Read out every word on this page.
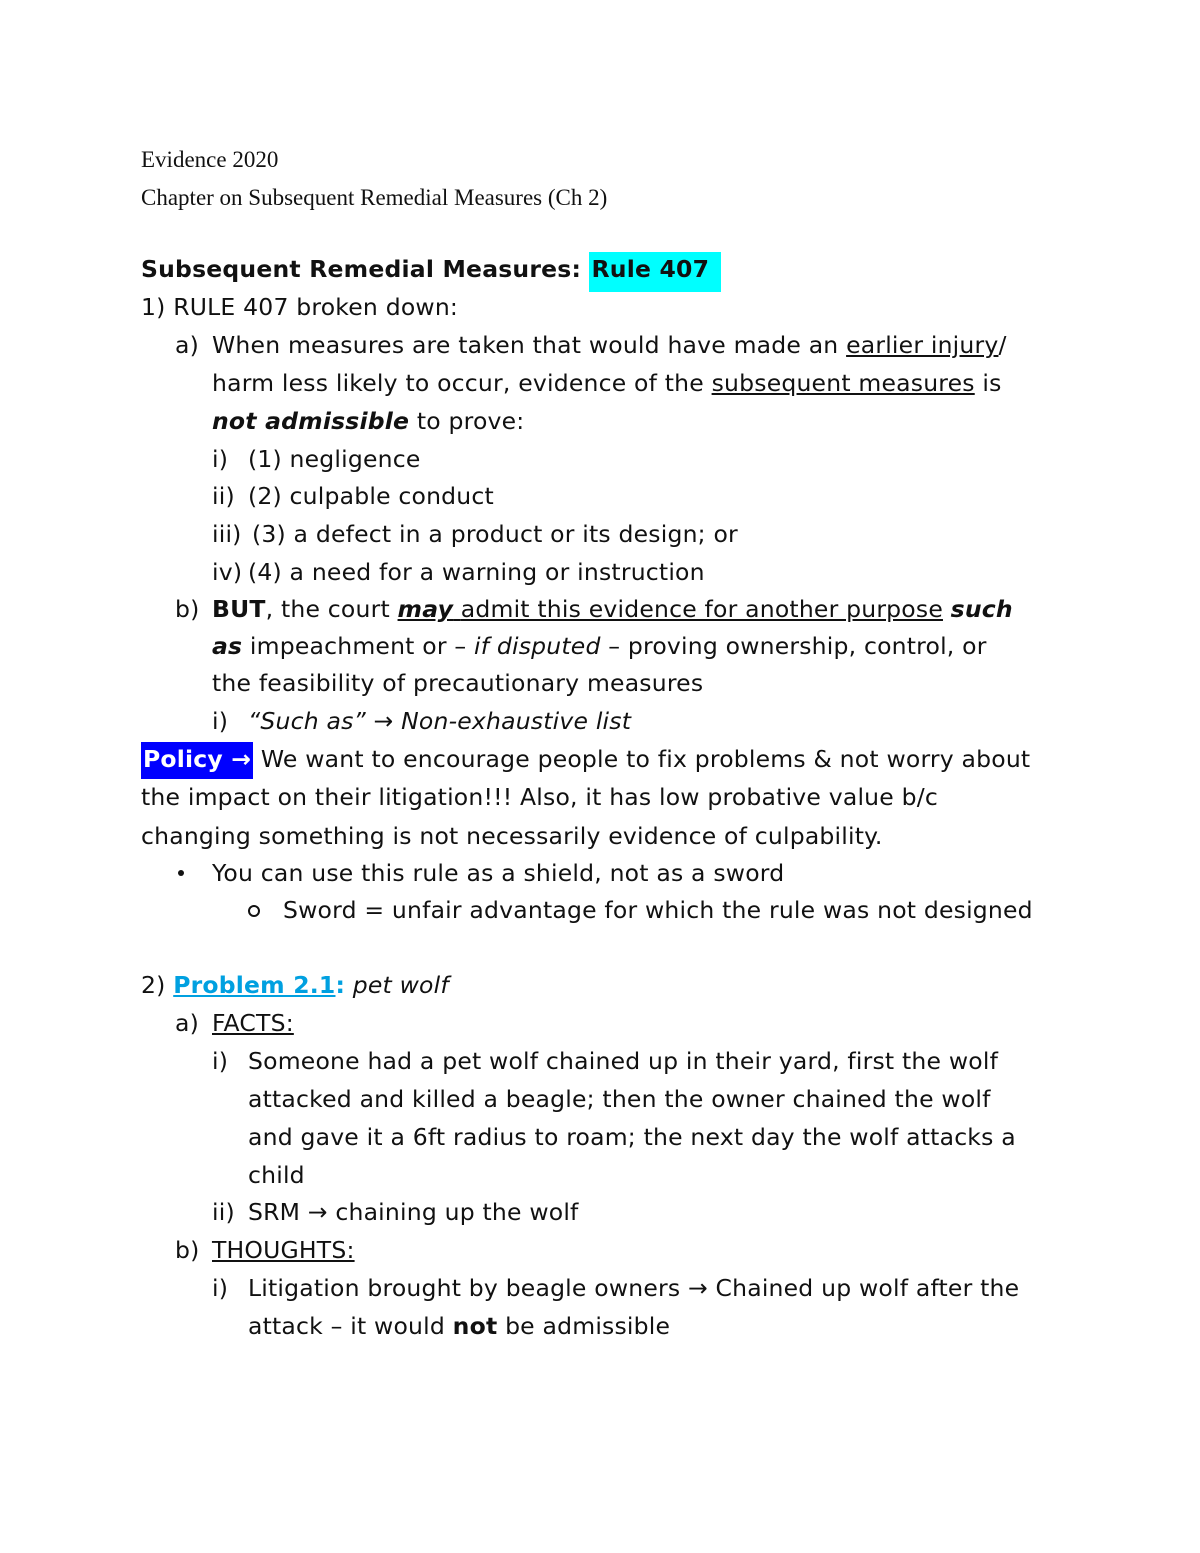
Evidence 2020
Chapter on Subsequent Remedial Measures (Ch 2)
Subsequent Remedial Measures: Rule 407
1) RULE 407 broken down:
a) When measures are taken that would have made an earlier injury/
harm less likely to occur, evidence of the subsequent measures is
not admissible to prove:
i) (1) negligence
ii) (2) culpable conduct
iii) (3) a defect in a product or its design; or
iv) (4) a need for a warning or instruction
b) BUT, the court may admit this evidence for another purpose such
as impeachment or – if disputed – proving ownership, control, or
the feasibility of precautionary measures
i) “Such as” → Non-exhaustive list
Policy → We want to encourage people to fix problems & not worry about
the impact on their litigation!!! Also, it has low probative value b/c
changing something is not necessarily evidence of culpability.
You can use this rule as a shield, not as a sword
Sword = unfair advantage for which the rule was not designed
2) Problem 2.1: pet wolf
a) FACTS:
i) Someone had a pet wolf chained up in their yard, first the wolf
attacked and killed a beagle; then the owner chained the wolf
and gave it a 6ft radius to roam; the next day the wolf attacks a
child
ii) SRM → chaining up the wolf
b) THOUGHTS:
i) Litigation brought by beagle owners → Chained up wolf after the
attack – it would not be admissible
